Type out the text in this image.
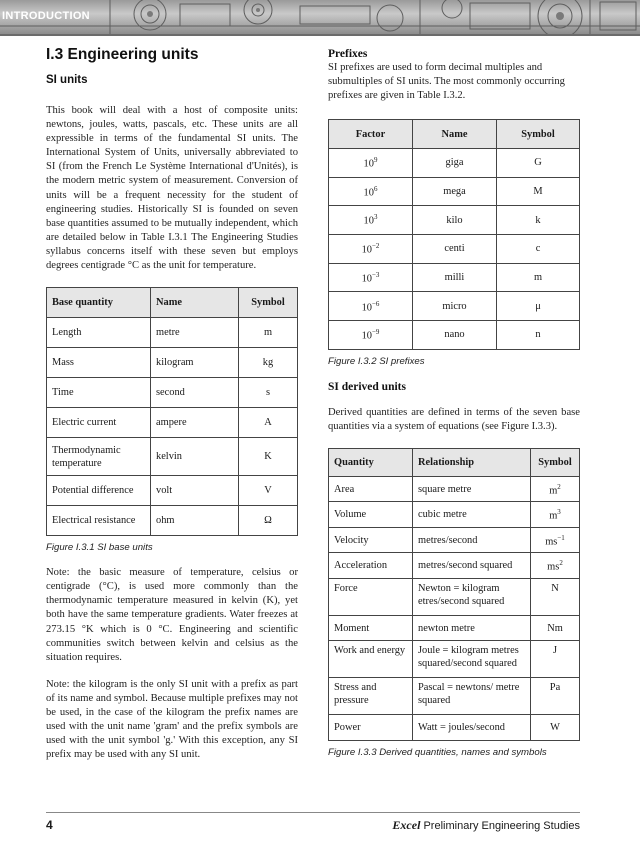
INTRODUCTION
I.3 Engineering units
SI units

This book will deal with a host of composite units: newtons, joules, watts, pascals, etc. These units are all expressible in terms of the fundamental SI units. The International System of Units, universally abbreviated to SI (from the French Le Système International d'Unités), is the modern metric system of measurement. Conversion of units will be a frequent necessity for the student of engineering studies. Historically SI is founded on seven base quantities assumed to be mutually independent, which are detailed below in Table I.3.1 The Engineering Studies syllabus concerns itself with these seven but employs degrees centigrade °C as the unit for temperature.

Base quantity	Name	Symbol
Length	metre	m
Mass	kilogram	kg
Time	second	s
Electric current	ampere	A
Thermodynamic temperature	kelvin	K
Potential difference	volt	V
Electrical resistance	ohm	Ω
Figure I.3.1 SI base units

Note: the basic measure of temperature, celsius or centigrade (°C), is used more commonly than the thermodynamic temperature measured in kelvin (K), yet both have the same temperature gradients. Water freezes at 273.15 °K which is 0 °C. Engineering and scientific communities switch between kelvin and celsius as the situation requires.

Note: the kilogram is the only SI unit with a prefix as part of its name and symbol. Because multiple prefixes may not be used, in the case of the kilogram the prefix names are used with the unit name 'gram' and the prefix symbols are used with the unit symbol 'g.' With this exception, any SI prefix may be used with any SI unit.

Prefixes

SI prefixes are used to form decimal multiples and submultiples of SI units. The most commonly occurring prefixes are given in Table I.3.2.

Factor	Name	Symbol
$10^9$	giga	G
$10^6$	mega	M
$10^3$	kilo	k
$10^{-2}$	centi	c
$10^{-3}$	milli	m
$10^{-6}$	micro	μ
$10^{-9}$	nano	n
Figure I.3.2 SI prefixes
SI derived units

Derived quantities are defined in terms of the seven base quantities via a system of equations (see Figure I.3.3).

Quantity	Relationship	Symbol
Area	square metre	$m^2$
Volume	cubic metre	$m^3$
Velocity	metres/second	$ms^{-1}$
Acceleration	metres/second squared	$ms^2$
Force	Newton = kilogram etres/second squared	N
Moment	newton metre	Nm
Work and energy	Joule = kilogram metres squared/second squared	J
Stress and pressure	Pascal = newtons/ metre squared	Pa
Power	Watt = joules/second	W
Figure I.3.3 Derived quantities, names and symbols
4	Excel Preliminary Engineering Studies
